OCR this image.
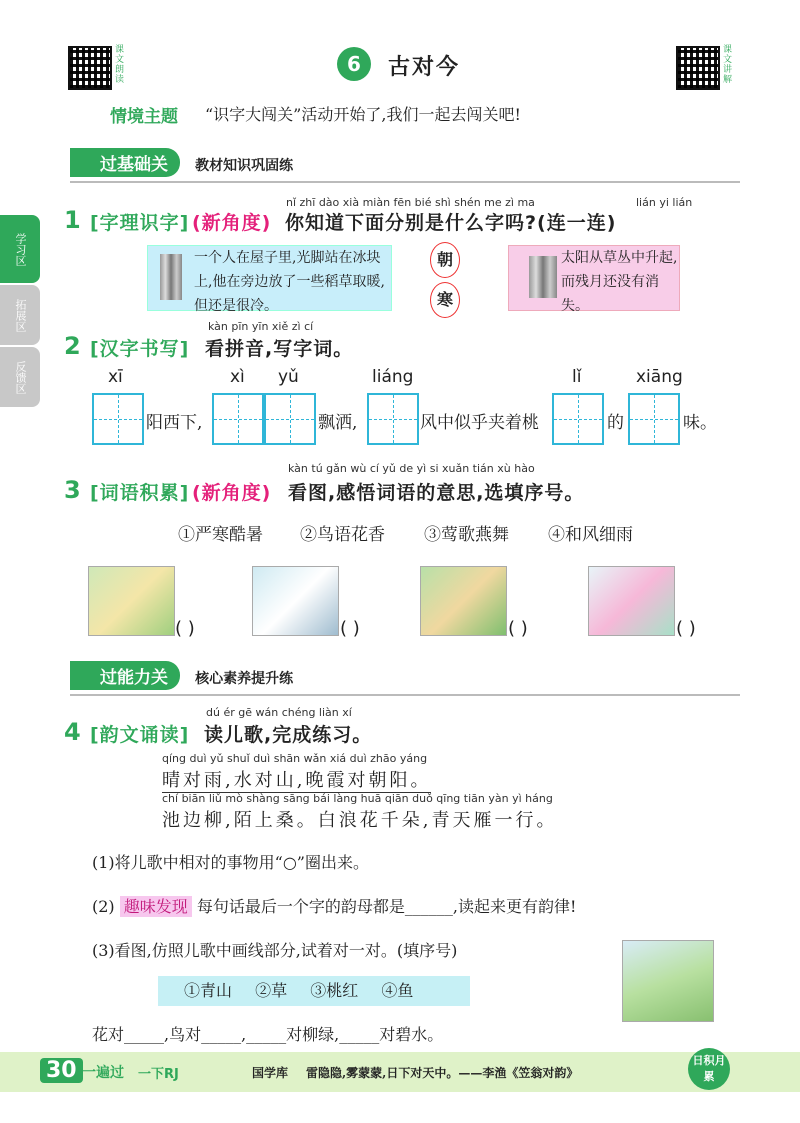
课文朗读	6	古对今	课文讲解
情境主题 “识字大闯关”活动开始了,我们一起去闯关吧!
学习区
拓展区
反馈区
过基础关 教材知识巩固练
nǐ zhī dào xià miàn fēn bié shì shén me zì ma	lián yi lián
1 [字理识字] (新角度) 你知道下面分别是什么字吗?(连一连)
一个人在屋子里,光脚站在冰块上,他在旁边放了一些稻草取暖,但还是很冷。
朝
寒
太阳从草丛中升起,而残月还没有消失。
kàn pīn yīn xiě zì cí
2 [汉字书写] 看拼音,写字词。
xī	xì yǔ	liáng	lǐ	xiāng
阳西下,	飘洒,	风中似乎夹着桃	的	味。
kàn tú gǎn wù cí yǔ de yì si xuǎn tián xù hào
3 [词语积累] (新角度) 看图,感悟词语的意思,选填序号。
①严寒酷暑 ②鸟语花香 ③莺歌燕舞 ④和风细雨
( )	( )	( )	( )
过能力关 核心素养提升练
dú ér gē wán chéng liàn xí
4 [韵文诵读] 读儿歌,完成练习。
qíng duì yǔ shuǐ duì shān wǎn xiá duì zhāo yáng
晴对雨,水对山,晚霞对朝阳。
chí biān liǔ mò shàng sāng bái làng huā qiān duǒ qīng tiān yàn yì háng
池边柳,陌上桑。白浪花千朵,青天雁一行。
(1)将儿歌中相对的事物用“○”圈出来。
(2) 趣味发现 每句话最后一个字的韵母都是______,读起来更有韵律!
(3)看图,仿照儿歌中画线部分,试着对一对。(填序号)
①青山 ②草 ③桃红 ④鱼
花对_____,鸟对_____,_____对柳绿,_____对碧水。
30 一遍过 一下RJ	国学库 雷隐隐,雾蒙蒙,日下对天中。——李渔《笠翁对韵》
日积月累
